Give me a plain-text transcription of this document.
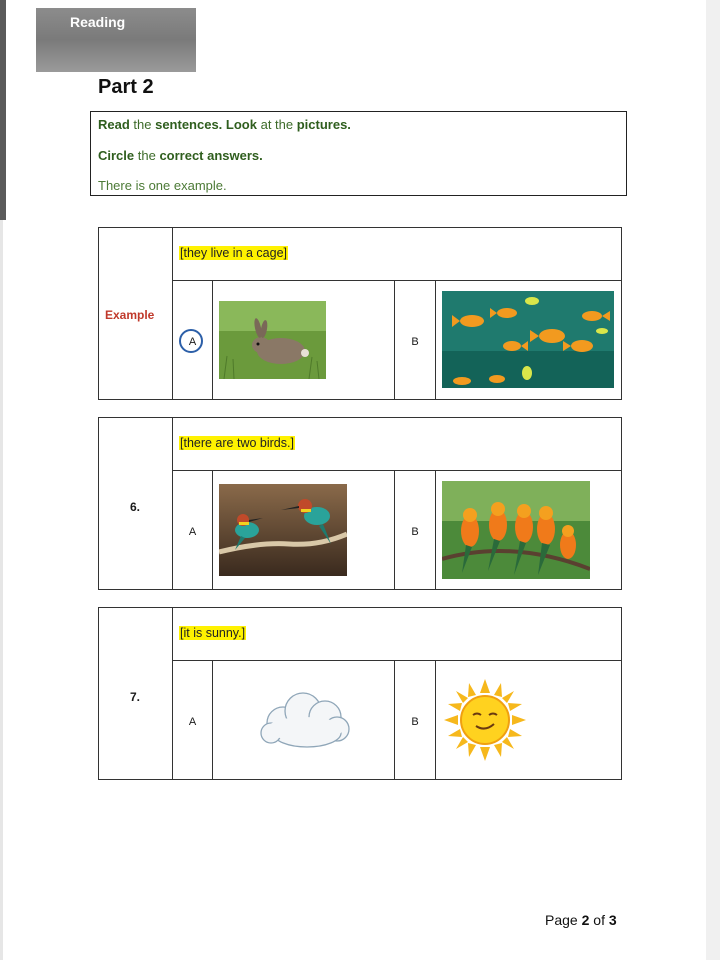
Reading
Part 2
Read the sentences. Look at the pictures.
Circle the correct answers.
There is one example.
Example
[they live in a cage]
A	B
6.
[there are two birds.]
A	B
7.
[it is sunny.]
A	B
Page 2 of 3
